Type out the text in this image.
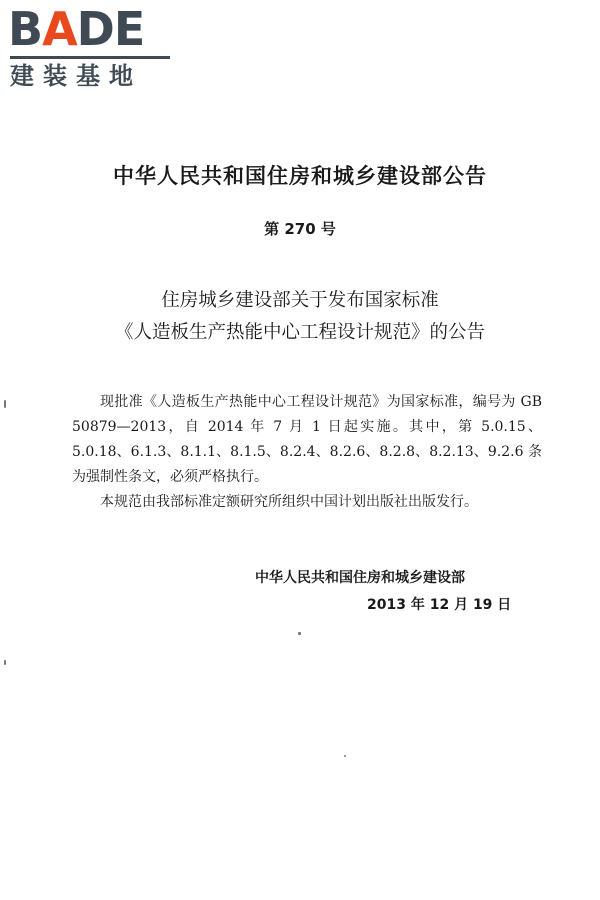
BADE
建装基地
中华人民共和国住房和城乡建设部公告
第 270 号
住房城乡建设部关于发布国家标准
《人造板生产热能中心工程设计规范》的公告

现批准《人造板生产热能中心工程设计规范》为国家标准，编号为 GB 50879—2013，自 2014 年 7 月 1 日起实施。其中，第 5.0.15、5.0.18、6.1.3、8.1.1、8.1.5、8.2.4、8.2.6、8.2.8、8.2.13、9.2.6 条为强制性条文，必须严格执行。

本规范由我部标准定额研究所组织中国计划出版社出版发行。

中华人民共和国住房和城乡建设部
2013 年 12 月 19 日
